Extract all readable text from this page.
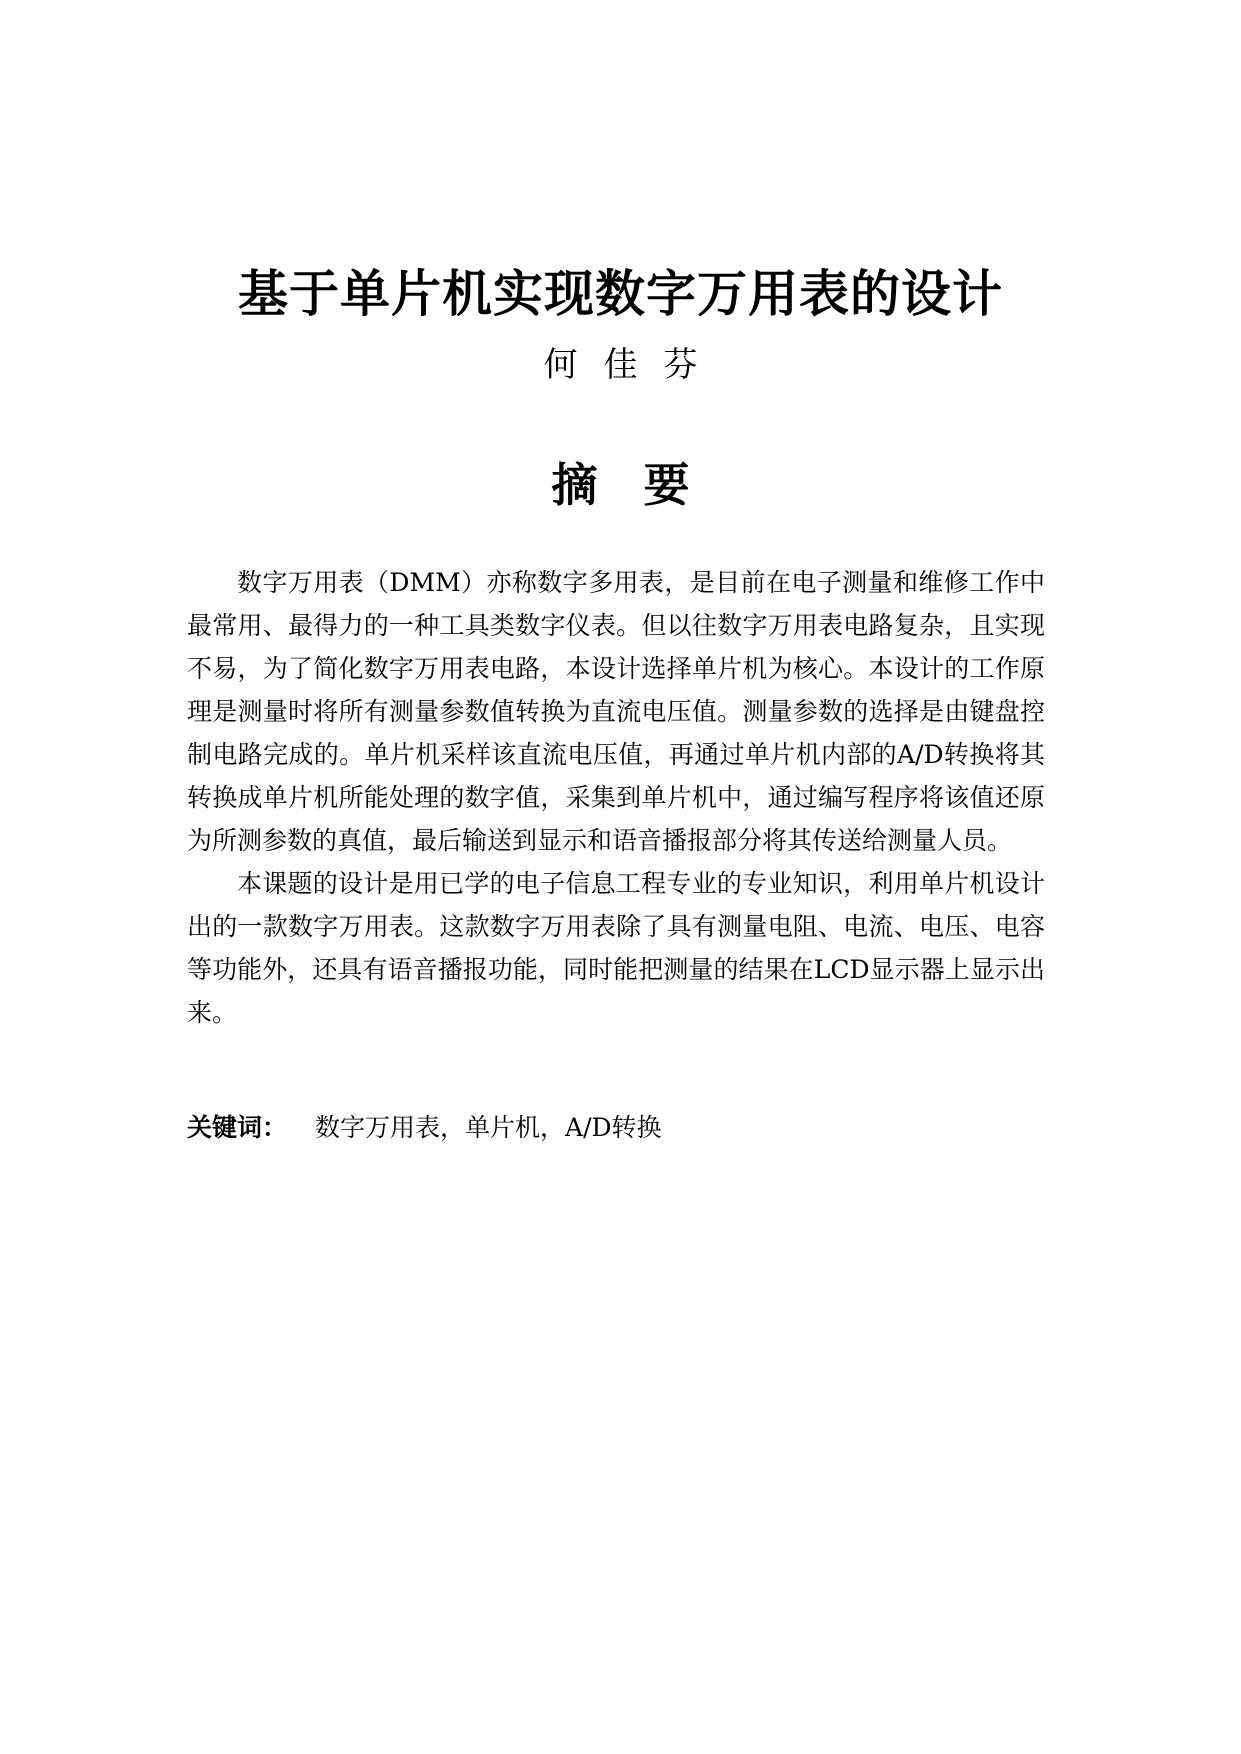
基于单片机实现数字万用表的设计
何佳芬
摘要

数字万用表（DMM）亦称数字多用表，是目前在电子测量和维修工作中最常用、最得力的一种工具类数字仪表。但以往数字万用表电路复杂，且实现不易，为了简化数字万用表电路，本设计选择单片机为核心。本设计的工作原理是测量时将所有测量参数值转换为直流电压值。测量参数的选择是由键盘控制电路完成的。单片机采样该直流电压值，再通过单片机内部的A/D转换将其转换成单片机所能处理的数字值，采集到单片机中，通过编写程序将该值还原为所测参数的真值，最后输送到显示和语音播报部分将其传送给测量人员。

本课题的设计是用已学的电子信息工程专业的专业知识，利用单片机设计出的一款数字万用表。这款数字万用表除了具有测量电阻、电流、电压、电容等功能外，还具有语音播报功能，同时能把测量的结果在LCD显示器上显示出来。

关键词： 数字万用表，单片机，A/D转换
